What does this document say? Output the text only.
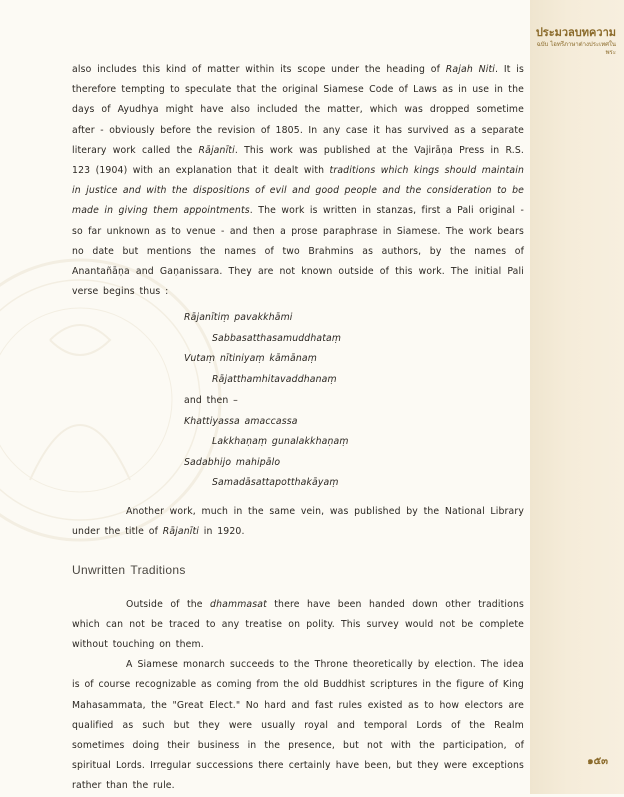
ประมวลบทความ
ฉบับ ไอทรีภาษาต่างประเทศในพระ
๑๕๓

also includes this kind of matter within its scope under the heading of Rajah Niti. It is therefore tempting to speculate that the original Siamese Code of Laws as in use in the days of Ayudhya might have also included the matter, which was dropped sometime after - obviously before the revision of 1805. In any case it has survived as a separate literary work called the Rājanīti. This work was published at the Vajirāṇa Press in R.S. 123 (1904) with an explanation that it dealt with traditions which kings should maintain in justice and with the dispositions of evil and good people and the consideration to be made in giving them appointments. The work is written in stanzas, first a Pali original - so far unknown as to venue - and then a prose paraphrase in Siamese. The work bears no date but mentions the names of two Brahmins as authors, by the names of Anantañāṇa and Gaṇanissara. They are not known outside of this work. The initial Pali verse begins thus :

Rājanītiṃ pavakkhāmi
Sabbasatthasamuddhataṃ
Vutaṃ nītiniyaṃ kāmānaṃ
Rājatthamhitavaddhanaṃ
and then –
Khattiyassa amaccassa
Lakkhaṇaṃ gunalakkhaṇaṃ
Sadabhijo mahipālo
Samadāsattapotthakāyaṃ

Another work, much in the same vein, was published by the National Library under the title of Rājanīti in 1920.

Unwritten Traditions

Outside of the dhammasat there have been handed down other traditions which can not be traced to any treatise on polity. This survey would not be complete without touching on them.

A Siamese monarch succeeds to the Throne theoretically by election. The idea is of course recognizable as coming from the old Buddhist scriptures in the figure of King Mahasammata, the "Great Elect." No hard and fast rules existed as to how electors are qualified as such but they were usually royal and temporal Lords of the Realm sometimes doing their business in the presence, but not with the participation, of spiritual Lords. Irregular successions there certainly have been, but they were exceptions rather than the rule.
